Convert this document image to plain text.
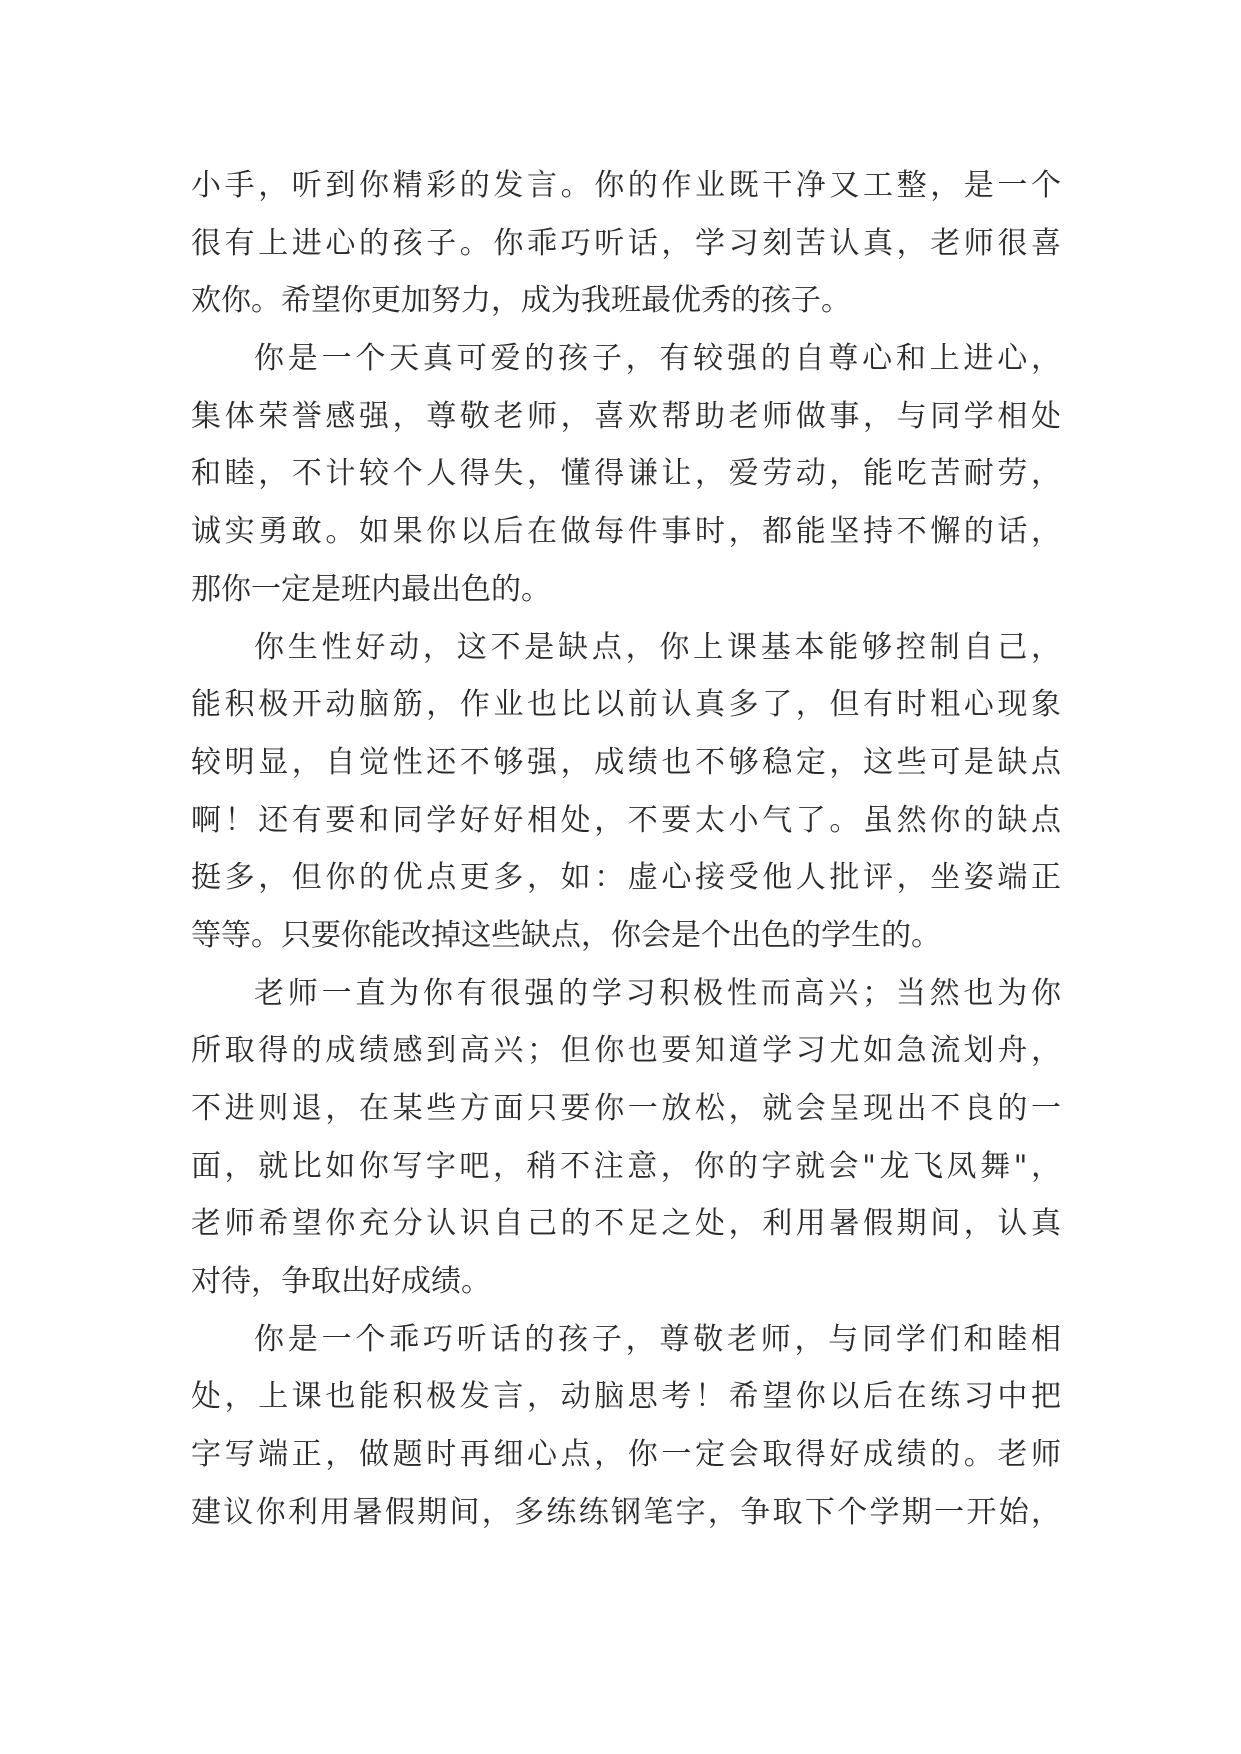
小手，听到你精彩的发言。你的作业既干净又工整，是一个
很有上进心的孩子。你乖巧听话，学习刻苦认真，老师很喜
欢你。希望你更加努力，成为我班最优秀的孩子。
你是一个天真可爱的孩子，有较强的自尊心和上进心，
集体荣誉感强，尊敬老师，喜欢帮助老师做事，与同学相处
和睦，不计较个人得失，懂得谦让，爱劳动，能吃苦耐劳，
诚实勇敢。如果你以后在做每件事时，都能坚持不懈的话，
那你一定是班内最出色的。
你生性好动，这不是缺点，你上课基本能够控制自己，
能积极开动脑筋，作业也比以前认真多了，但有时粗心现象
较明显，自觉性还不够强，成绩也不够稳定，这些可是缺点
啊！还有要和同学好好相处，不要太小气了。虽然你的缺点
挺多，但你的优点更多，如：虚心接受他人批评，坐姿端正
等等。只要你能改掉这些缺点，你会是个出色的学生的。
老师一直为你有很强的学习积极性而高兴；当然也为你
所取得的成绩感到高兴；但你也要知道学习尤如急流划舟，
不进则退，在某些方面只要你一放松，就会呈现出不良的一
面，就比如你写字吧，稍不注意，你的字就会"龙飞凤舞"，
老师希望你充分认识自己的不足之处，利用暑假期间，认真
对待，争取出好成绩。
你是一个乖巧听话的孩子，尊敬老师，与同学们和睦相
处，上课也能积极发言，动脑思考！希望你以后在练习中把
字写端正，做题时再细心点，你一定会取得好成绩的。老师
建议你利用暑假期间，多练练钢笔字，争取下个学期一开始，
